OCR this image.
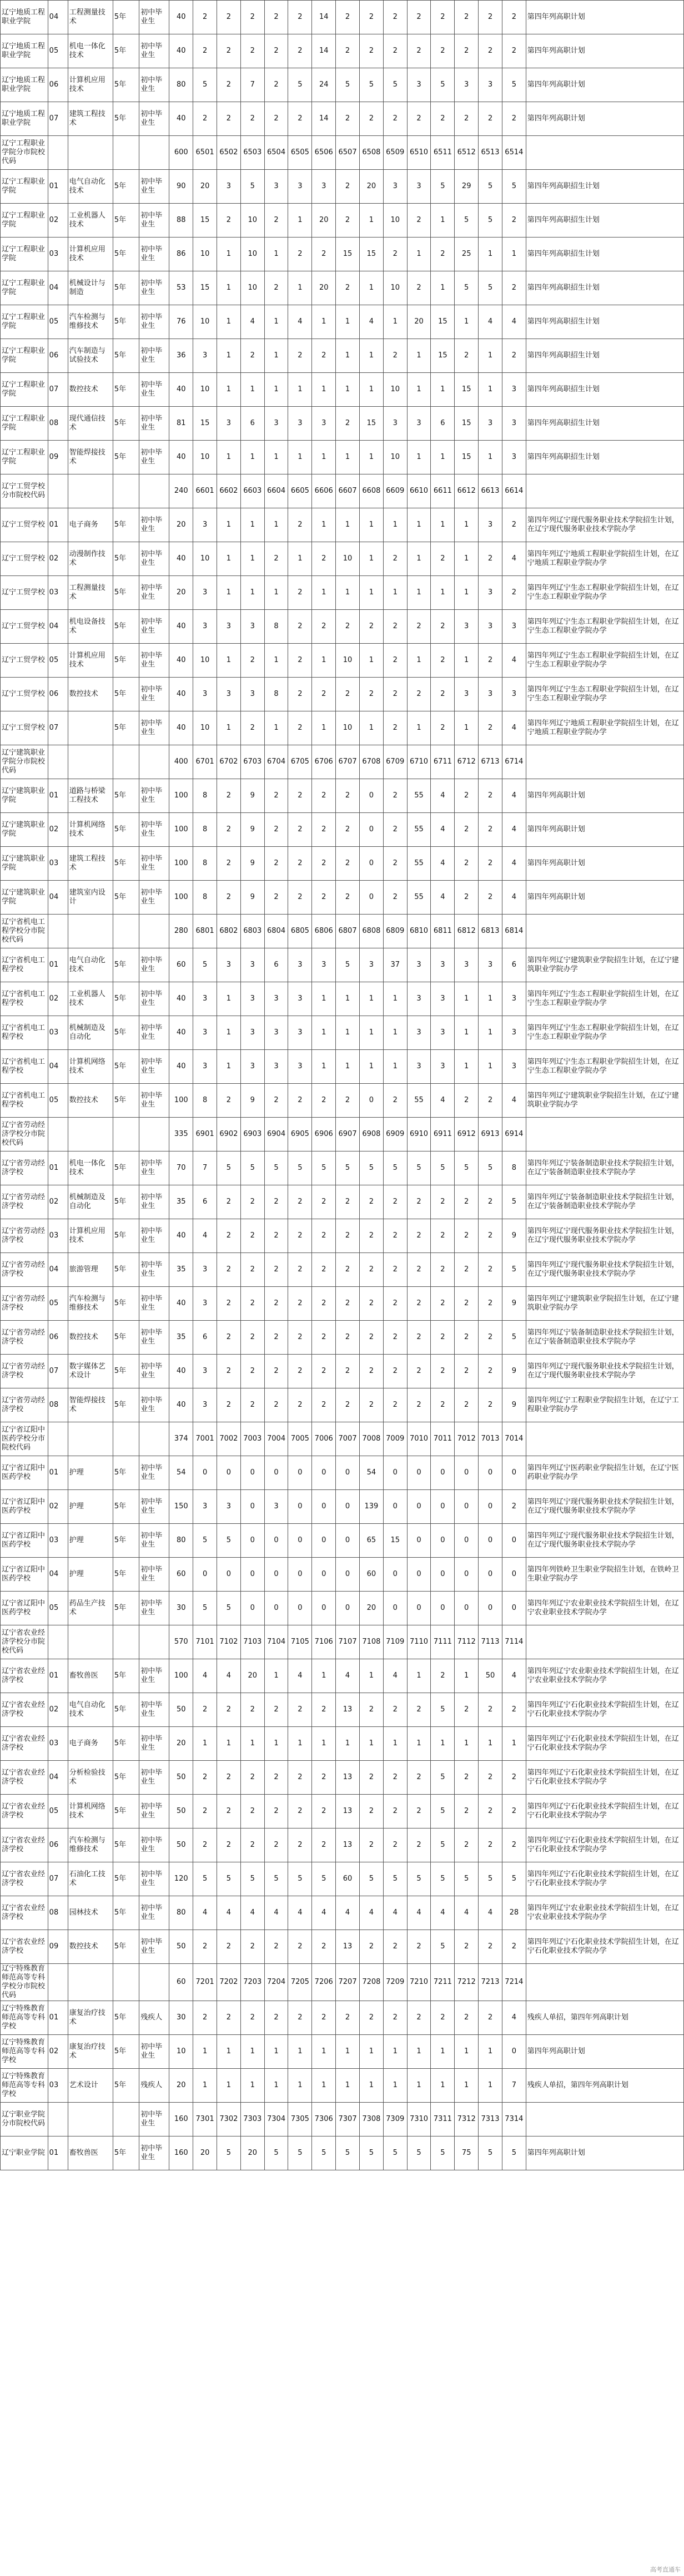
辽宁地质工程职业学院	04	工程测量技术	5年	初中毕业生	40	2	2	2	2	2	14	2	2	2	2	2	2	2	2	第四年列高职计划
辽宁地质工程职业学院	05	机电一体化技术	5年	初中毕业生	40	2	2	2	2	2	14	2	2	2	2	2	2	2	2	第四年列高职计划
辽宁地质工程职业学院	06	计算机应用技术	5年	初中毕业生	80	5	2	7	2	5	24	5	5	5	3	5	3	3	5	第四年列高职计划
辽宁地质工程职业学院	07	建筑工程技术	5年	初中毕业生	40	2	2	2	2	2	14	2	2	2	2	2	2	2	2	第四年列高职计划
辽宁工程职业学院分市院校代码					600	6501	6502	6503	6504	6505	6506	6507	6508	6509	6510	6511	6512	6513	6514	
辽宁工程职业学院	01	电气自动化技术	5年	初中毕业生	90	20	3	5	3	3	3	2	20	3	3	5	29	5	5	第四年列高职招生计划
辽宁工程职业学院	02	工业机器人技术	5年	初中毕业生	88	15	2	10	2	1	20	2	1	10	2	1	5	5	2	第四年列高职招生计划
辽宁工程职业学院	03	计算机应用技术	5年	初中毕业生	86	10	1	10	1	2	2	15	15	2	1	2	25	1	1	第四年列高职招生计划
辽宁工程职业学院	04	机械设计与制造	5年	初中毕业生	53	15	1	10	2	1	20	2	1	10	2	1	5	5	2	第四年列高职招生计划
辽宁工程职业学院	05	汽车检测与维修技术	5年	初中毕业生	76	10	1	4	1	4	1	1	4	1	20	15	1	4	4	第四年列高职招生计划
辽宁工程职业学院	06	汽车制造与试验技术	5年	初中毕业生	36	3	1	2	1	2	2	1	1	2	1	15	2	1	2	第四年列高职招生计划
辽宁工程职业学院	07	数控技术	5年	初中毕业生	40	10	1	1	1	1	1	1	1	10	1	1	15	1	3	第四年列高职招生计划
辽宁工程职业学院	08	现代通信技术	5年	初中毕业生	81	15	3	6	3	3	3	2	15	3	3	6	15	3	3	第四年列高职招生计划
辽宁工程职业学院	09	智能焊接技术	5年	初中毕业生	40	10	1	1	1	1	1	1	1	10	1	1	15	1	3	第四年列高职招生计划
辽宁工贸学校分市院校代码					240	6601	6602	6603	6604	6605	6606	6607	6608	6609	6610	6611	6612	6613	6614	
辽宁工贸学校	01	电子商务	5年	初中毕业生	20	3	1	1	1	2	1	1	1	1	1	1	1	3	2	第四年列辽宁现代服务职业技术学院招生计划，在辽宁现代服务职业技术学院办学
辽宁工贸学校	02	动漫制作技术	5年	初中毕业生	40	10	1	1	2	1	2	10	1	2	1	2	1	2	4	第四年列辽宁地质工程职业学院招生计划，在辽宁地质工程职业学院办学
辽宁工贸学校	03	工程测量技术	5年	初中毕业生	20	3	1	1	1	2	1	1	1	1	1	1	1	3	2	第四年列辽宁生态工程职业学院招生计划，在辽宁生态工程职业学院办学
辽宁工贸学校	04	机电设备技术	5年	初中毕业生	40	3	3	3	8	2	2	2	2	2	2	2	3	3	3	第四年列辽宁生态工程职业学院招生计划，在辽宁生态工程职业学院办学
辽宁工贸学校	05	计算机应用技术	5年	初中毕业生	40	10	1	2	1	2	1	10	1	2	1	2	1	2	4	第四年列辽宁生态工程职业学院招生计划，在辽宁生态工程职业学院办学
辽宁工贸学校	06	数控技术	5年	初中毕业生	40	3	3	3	8	2	2	2	2	2	2	2	3	3	3	第四年列辽宁生态工程职业学院招生计划，在辽宁生态工程职业学院办学
辽宁工贸学校	07		5年	初中毕业生	40	10	1	2	1	2	1	10	1	2	1	2	1	2	4	第四年列辽宁地质工程职业学院招生计划，在辽宁地质工程职业学院办学
辽宁建筑职业学院分市院校代码					400	6701	6702	6703	6704	6705	6706	6707	6708	6709	6710	6711	6712	6713	6714	
辽宁建筑职业学院	01	道路与桥梁工程技术	5年	初中毕业生	100	8	2	9	2	2	2	2	0	2	55	4	2	2	4	第四年列高职计划
辽宁建筑职业学院	02	计算机网络技术	5年	初中毕业生	100	8	2	9	2	2	2	2	0	2	55	4	2	2	4	第四年列高职计划
辽宁建筑职业学院	03	建筑工程技术	5年	初中毕业生	100	8	2	9	2	2	2	2	0	2	55	4	2	2	4	第四年列高职计划
辽宁建筑职业学院	04	建筑室内设计	5年	初中毕业生	100	8	2	9	2	2	2	2	0	2	55	4	2	2	4	第四年列高职计划
辽宁省机电工程学校分市院校代码					280	6801	6802	6803	6804	6805	6806	6807	6808	6809	6810	6811	6812	6813	6814	
辽宁省机电工程学校	01	电气自动化技术	5年	初中毕业生	60	5	3	3	6	3	3	5	3	37	3	3	3	3	6	第四年列辽宁建筑职业学院招生计划，在辽宁建筑职业学院办学
辽宁省机电工程学校	02	工业机器人技术	5年	初中毕业生	40	3	1	3	3	3	1	1	1	1	3	3	1	1	3	第四年列辽宁生态工程职业学院招生计划，在辽宁生态工程职业学院办学
辽宁省机电工程学校	03	机械制造及自动化	5年	初中毕业生	40	3	1	3	3	3	1	1	1	1	3	3	1	1	3	第四年列辽宁生态工程职业学院招生计划，在辽宁生态工程职业学院办学
辽宁省机电工程学校	04	计算机网络技术	5年	初中毕业生	40	3	1	3	3	3	1	1	1	1	3	3	1	1	3	第四年列辽宁生态工程职业学院招生计划，在辽宁生态工程职业学院办学
辽宁省机电工程学校	05	数控技术	5年	初中毕业生	100	8	2	9	2	2	2	2	0	2	55	4	2	2	4	第四年列辽宁建筑职业学院招生计划，在辽宁建筑职业学院办学
辽宁省劳动经济学校分市院校代码					335	6901	6902	6903	6904	6905	6906	6907	6908	6909	6910	6911	6912	6913	6914	
辽宁省劳动经济学校	01	机电一体化技术	5年	初中毕业生	70	7	5	5	5	5	5	5	5	5	5	5	5	5	8	第四年列辽宁装备制造职业技术学院招生计划，在辽宁装备制造职业技术学院办学
辽宁省劳动经济学校	02	机械制造及自动化	5年	初中毕业生	35	6	2	2	2	2	2	2	2	2	2	2	2	2	5	第四年列辽宁装备制造职业技术学院招生计划，在辽宁装备制造职业技术学院办学
辽宁省劳动经济学校	03	计算机应用技术	5年	初中毕业生	40	4	2	2	2	2	2	2	2	2	2	2	2	2	9	第四年列辽宁现代服务职业技术学院招生计划，在辽宁现代服务职业技术学院办学
辽宁省劳动经济学校	04	旅游管理	5年	初中毕业生	35	3	2	2	2	2	2	2	2	2	2	2	2	2	5	第四年列辽宁现代服务职业技术学院招生计划，在辽宁现代服务职业技术学院办学
辽宁省劳动经济学校	05	汽车检测与维修技术	5年	初中毕业生	40	3	2	2	2	2	2	2	2	2	2	2	2	2	9	第四年列辽宁建筑职业学院招生计划，在辽宁建筑职业学院办学
辽宁省劳动经济学校	06	数控技术	5年	初中毕业生	35	6	2	2	2	2	2	2	2	2	2	2	2	2	5	第四年列辽宁装备制造职业技术学院招生计划，在辽宁装备制造职业技术学院办学
辽宁省劳动经济学校	07	数字媒体艺术设计	5年	初中毕业生	40	3	2	2	2	2	2	2	2	2	2	2	2	2	9	第四年列辽宁现代服务职业技术学院招生计划，在辽宁现代服务职业技术学院办学
辽宁省劳动经济学校	08	智能焊接技术	5年	初中毕业生	40	3	2	2	2	2	2	2	2	2	2	2	2	2	9	第四年列辽宁工程职业学院招生计划，在辽宁工程职业学院办学
辽宁省辽阳中医药学校分市院校代码					374	7001	7002	7003	7004	7005	7006	7007	7008	7009	7010	7011	7012	7013	7014	
辽宁省辽阳中医药学校	01	护理	5年	初中毕业生	54	0	0	0	0	0	0	0	54	0	0	0	0	0	0	第四年列辽宁医药职业学院招生计划，在辽宁医药职业学院办学
辽宁省辽阳中医药学校	02	护理	5年	初中毕业生	150	3	3	0	3	0	0	0	139	0	0	0	0	0	2	第四年列辽宁现代服务职业技术学院招生计划，在辽宁现代服务职业技术学院办学
辽宁省辽阳中医药学校	03	护理	5年	初中毕业生	80	5	5	0	0	0	0	0	65	15	0	0	0	0	0	第四年列辽宁现代服务职业技术学院招生计划，在辽宁现代服务职业技术学院办学
辽宁省辽阳中医药学校	04	护理	5年	初中毕业生	60	0	0	0	0	0	0	0	60	0	0	0	0	0	0	第四年列铁岭卫生职业学院招生计划，在铁岭卫生职业学院办学
辽宁省辽阳中医药学校	05	药品生产技术	5年	初中毕业生	30	5	5	0	0	0	0	0	20	0	0	0	0	0	0	第四年列辽宁农业职业技术学院招生计划，在辽宁农业职业技术学院办学
辽宁省农业经济学校分市院校代码					570	7101	7102	7103	7104	7105	7106	7107	7108	7109	7110	7111	7112	7113	7114	
辽宁省农业经济学校	01	畜牧兽医	5年	初中毕业生	100	4	4	20	1	4	1	4	1	4	1	2	1	50	4	第四年列辽宁农业职业技术学院招生计划，在辽宁农业职业技术学院办学
辽宁省农业经济学校	02	电气自动化技术	5年	初中毕业生	50	2	2	2	2	2	2	13	2	2	2	5	2	2	2	第四年列辽宁石化职业技术学院招生计划，在辽宁石化职业技术学院办学
辽宁省农业经济学校	03	电子商务	5年	初中毕业生	20	1	1	1	1	1	1	1	1	1	1	1	1	1	1	第四年列辽宁石化职业技术学院招生计划，在辽宁石化职业技术学院办学
辽宁省农业经济学校	04	分析检验技术	5年	初中毕业生	50	2	2	2	2	2	2	13	2	2	2	5	2	2	2	第四年列辽宁石化职业技术学院招生计划，在辽宁石化职业技术学院办学
辽宁省农业经济学校	05	计算机网络技术	5年	初中毕业生	50	2	2	2	2	2	2	13	2	2	2	5	2	2	2	第四年列辽宁石化职业技术学院招生计划，在辽宁石化职业技术学院办学
辽宁省农业经济学校	06	汽车检测与维修技术	5年	初中毕业生	50	2	2	2	2	2	2	13	2	2	2	5	2	2	2	第四年列辽宁石化职业技术学院招生计划，在辽宁石化职业技术学院办学
辽宁省农业经济学校	07	石油化工技术	5年	初中毕业生	120	5	5	5	5	5	5	60	5	5	5	5	5	5	5	第四年列辽宁石化职业技术学院招生计划，在辽宁石化职业技术学院办学
辽宁省农业经济学校	08	园林技术	5年	初中毕业生	80	4	4	4	4	4	4	4	4	4	4	4	4	4	28	第四年列辽宁农业职业技术学院招生计划，在辽宁农业职业技术学院办学
辽宁省农业经济学校	09	数控技术	5年	初中毕业生	50	2	2	2	2	2	2	13	2	2	2	5	2	2	2	第四年列辽宁石化职业技术学院招生计划，在辽宁石化职业技术学院办学
辽宁特殊教育师范高等专科学校分市院校代码					60	7201	7202	7203	7204	7205	7206	7207	7208	7209	7210	7211	7212	7213	7214	
辽宁特殊教育师范高等专科学校	01	康复治疗技术	5年	残疾人	30	2	2	2	2	2	2	2	2	2	2	2	2	2	4	残疾人单招，第四年列高职计划
辽宁特殊教育师范高等专科学校	02	康复治疗技术	5年	初中毕业生	10	1	1	1	1	1	1	1	1	1	1	1	1	1	0	第四年列高职计划
辽宁特殊教育师范高等专科学校	03	艺术设计	5年	残疾人	20	1	1	1	1	1	1	1	1	1	1	1	1	1	7	残疾人单招，第四年列高职计划
辽宁职业学院分市院校代码				初中毕业生	160	7301	7302	7303	7304	7305	7306	7307	7308	7309	7310	7311	7312	7313	7314	
辽宁职业学院	01	畜牧兽医	5年	初中毕业生	160	20	5	20	5	5	5	5	5	5	5	5	75	5	5	第四年列高职计划
高考直通车
